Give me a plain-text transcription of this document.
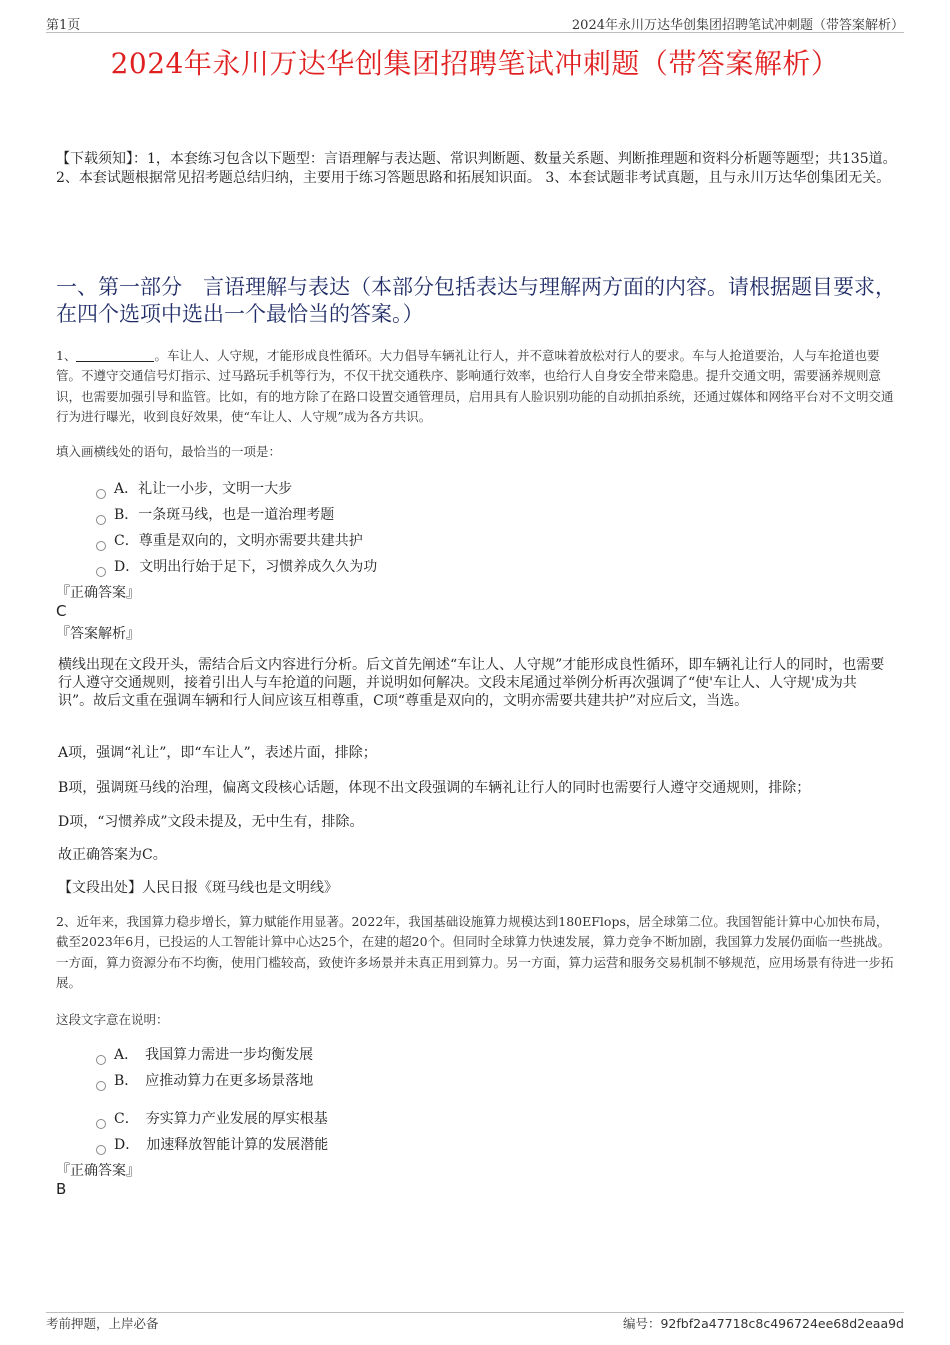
第1页	2024年永川万达华创集团招聘笔试冲刺题（带答案解析）
2024年永川万达华创集团招聘笔试冲刺题（带答案解析）
【下载须知】：1，本套练习包含以下题型：言语理解与表达题、常识判断题、数量关系题、判断推理题和资料分析题等题型；共135道。 2、本套试题根据常见招考题总结归纳，主要用于练习答题思路和拓展知识面。 3、本套试题非考试真题，且与永川万达华创集团无关。
一、第一部分　言语理解与表达（本部分包括表达与理解两方面的内容。请根据题目要求，在四个选项中选出一个最恰当的答案。）
1、	。车让人、人守规，才能形成良性循环。大力倡导车辆礼让行人，并不意味着放松对行人的要求。车与人抢道要治，人与车抢道也要管。不遵守交通信号灯指示、过马路玩手机等行为，不仅干扰交通秩序、影响通行效率，也给行人自身安全带来隐患。提升交通文明，需要涵养规则意识，也需要加强引导和监管。比如，有的地方除了在路口设置交通管理员，启用具有人脸识别功能的自动抓拍系统，还通过媒体和网络平台对不文明交通行为进行曝光，收到良好效果，使“车让人、人守规”成为各方共识。
填入画横线处的语句，最恰当的一项是：
A．礼让一小步，文明一大步
B．一条斑马线，也是一道治理考题
C．尊重是双向的，文明亦需要共建共护
D．文明出行始于足下，习惯养成久久为功
『正确答案』
C
『答案解析』
横线出现在文段开头，需结合后文内容进行分析。后文首先阐述“车让人、人守规”才能形成良性循环，即车辆礼让行人的同时，也需要行人遵守交通规则，接着引出人与车抢道的问题，并说明如何解决。文段末尾通过举例分析再次强调了“使'车让人、人守规'成为共识”。故后文重在强调车辆和行人间应该互相尊重，C项“尊重是双向的，文明亦需要共建共护”对应后文，当选。
A项，强调“礼让”，即“车让人”，表述片面，排除；
B项，强调斑马线的治理，偏离文段核心话题，体现不出文段强调的车辆礼让行人的同时也需要行人遵守交通规则，排除；
D项，“习惯养成”文段未提及，无中生有，排除。
故正确答案为C。
【文段出处】人民日报《斑马线也是文明线》
2、近年来，我国算力稳步增长，算力赋能作用显著。2022年，我国基础设施算力规模达到180EFlops，居全球第二位。我国智能计算中心加快布局，截至2023年6月，已投运的人工智能计算中心达25个，在建的超20个。但同时全球算力快速发展，算力竞争不断加剧，我国算力发展仍面临一些挑战。一方面，算力资源分布不均衡，使用门槛较高，致使许多场景并未真正用到算力。另一方面，算力运营和服务交易机制不够规范，应用场景有待进一步拓展。
这段文字意在说明：
A．　我国算力需进一步均衡发展
B．　应推动算力在更多场景落地
C．　夯实算力产业发展的厚实根基
D．　加速释放智能计算的发展潜能
『正确答案』
B
考前押题，上岸必备	编号：92fbf2a47718c8c496724ee68d2eaa9d
